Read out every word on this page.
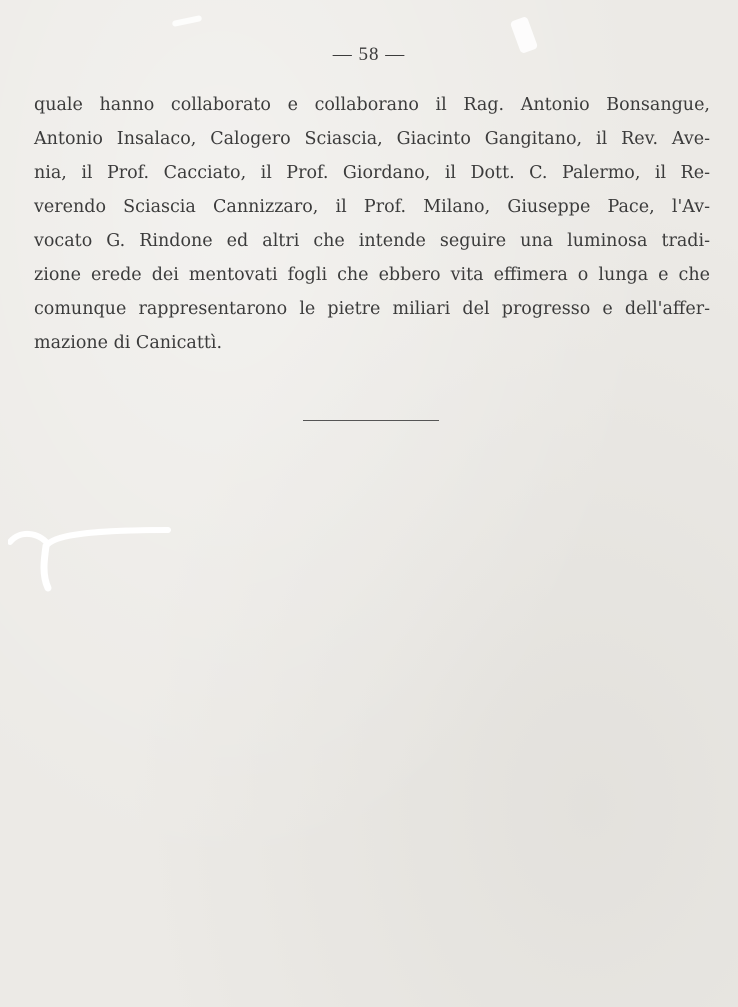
— 58 —
quale hanno collaborato e collaborano il Rag. Antonio Bonsangue,
Antonio Insalaco, Calogero Sciascia, Giacinto Gangitano, il Rev. Ave-
nia, il Prof. Cacciato, il Prof. Giordano, il Dott. C. Palermo, il Re-
verendo Sciascia Cannizzaro, il Prof. Milano, Giuseppe Pace, l'Av-
vocato G. Rindone ed altri che intende seguire una luminosa tradi-
zione erede dei mentovati fogli che ebbero vita effimera o lunga e che
comunque rappresentarono le pietre miliari del progresso e dell'affer-
mazione di Canicattì.
